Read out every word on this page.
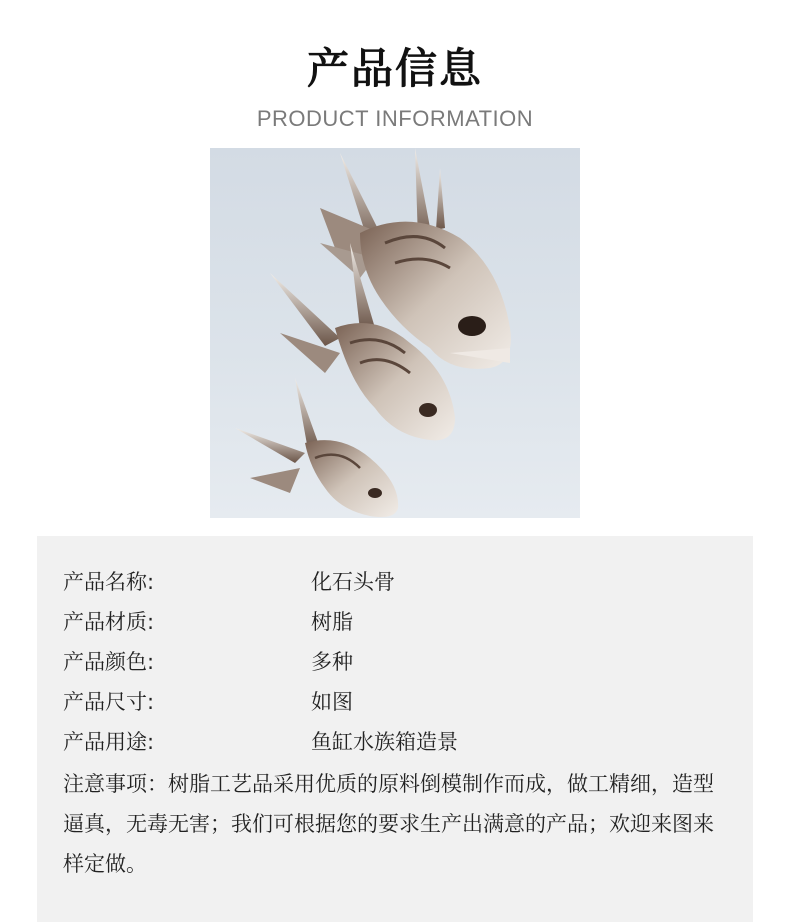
产品信息
PRODUCT INFORMATION
产品名称:	化石头骨
产品材质:	树脂
产品颜色:	多种
产品尺寸:	如图
产品用途:	鱼缸水族箱造景
注意事项：树脂工艺品采用优质的原料倒模制作而成，做工精细，造型逼真，无毒无害；我们可根据您的要求生产出满意的产品；欢迎来图来样定做。
